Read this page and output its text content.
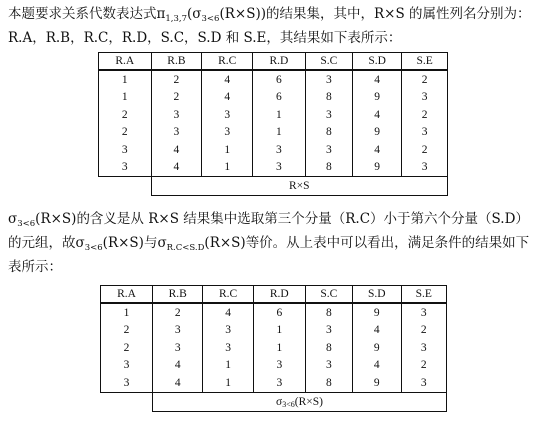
本题要求关系代数表达式$\pi_{1,3,7}(\sigma_{3<6}(R\times S))$的结果集，其中，R×S 的属性列名分别为：R.A，R.B，R.C，R.D，S.C，S.D 和 S.E，其结果如下表所示：

R.A	R.B	R.C	R.D	S.C	S.D	S.E
1	2	4	6	3	4	2
1	2	4	6	8	9	3
2	3	3	1	3	4	2
2	3	3	1	8	9	3
3	4	1	3	3	4	2
3	4	1	3	8	9	3
	R×S					

$\sigma_{3<6}(R\times S)$的含义是从 R×S 结果集中选取第三个分量（R.C）小于第六个分量（S.D）的元组，故$\sigma_{3<6}(R\times S)$与$\sigma_{R.C<S.D}(R\times S)$等价。从上表中可以看出，满足条件的结果如下表所示：

R.A	R.B	R.C	R.D	S.C	S.D	S.E
1	2	4	6	8	9	3
2	3	3	1	3	4	2
2	3	3	1	8	9	3
3	4	1	3	3	4	2
3	4	1	3	8	9	3
	$\sigma_{3<6}(R\times S)$					
